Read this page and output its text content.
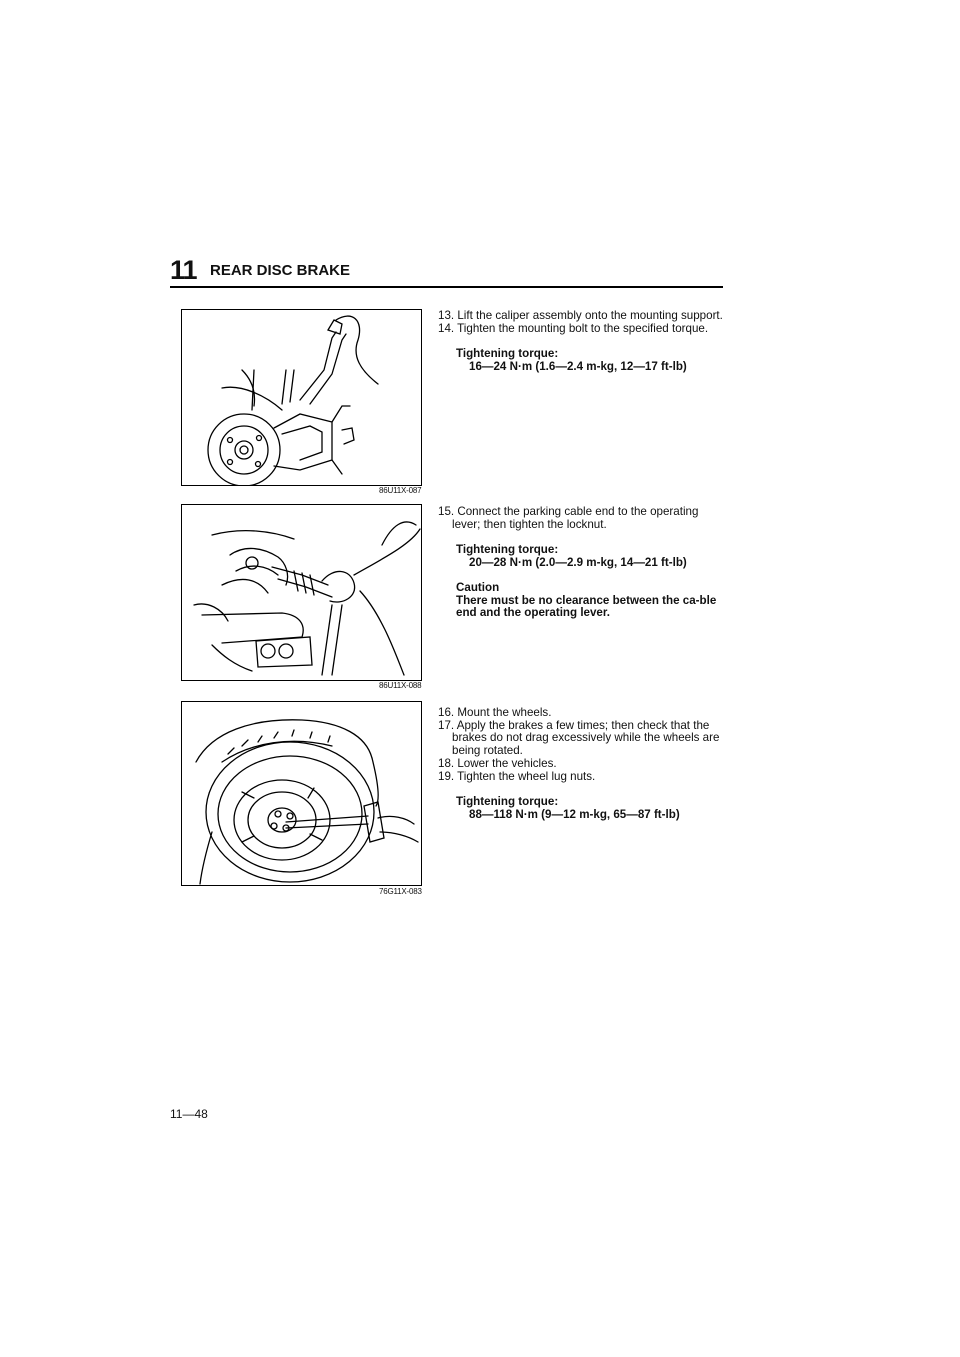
11 REAR DISC BRAKE
86U11X-087

13. Lift the caliper assembly onto the mounting support.

14. Tighten the mounting bolt to the specified torque.

Tightening torque:
16—24 N·m (1.6—2.4 m-kg, 12—17 ft-lb)
86U11X-088

15. Connect the parking cable end to the operating lever; then tighten the locknut.

Tightening torque:
20—28 N·m (2.0—2.9 m-kg, 14—21 ft-lb)
Caution
There must be no clearance between the ca-ble end and the operating lever.
76G11X-083

16. Mount the wheels.

17. Apply the brakes a few times; then check that the brakes do not drag excessively while the wheels are being rotated.

18. Lower the vehicles.

19. Tighten the wheel lug nuts.

Tightening torque:
88—118 N·m (9—12 m-kg, 65—87 ft-lb)
11—48
